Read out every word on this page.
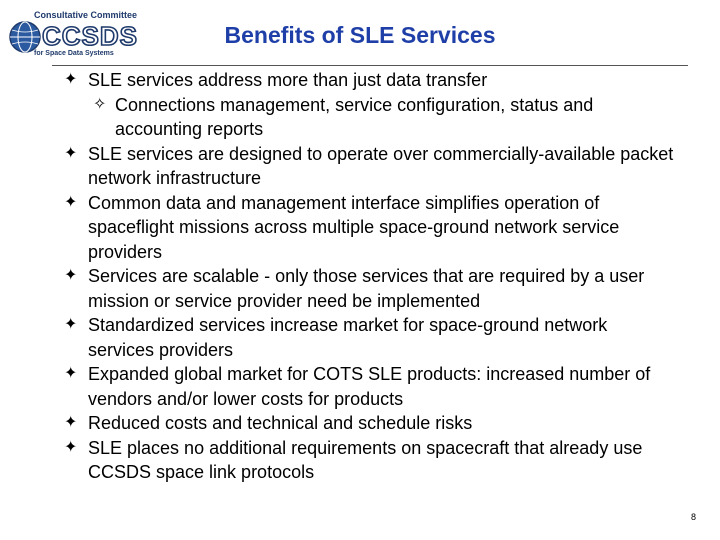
Consultative Committee
CCSDS
for Space Data Systems
Benefits of SLE Services
✦ SLE services address more than just data transfer
✧ Connections management, service configuration, status and accounting reports
✦ SLE services are designed to operate over commercially-available packet network infrastructure
✦ Common data and management interface simplifies operation of spaceflight missions across multiple space-ground network service providers
✦ Services are scalable - only those services that are required by a user mission or service provider need be implemented
✦ Standardized services increase market for space-ground network services providers
✦ Expanded global market for COTS SLE products: increased number of vendors and/or lower costs for products
✦ Reduced costs and technical and schedule risks
✦ SLE places no additional requirements on spacecraft that already use CCSDS space link protocols
8
